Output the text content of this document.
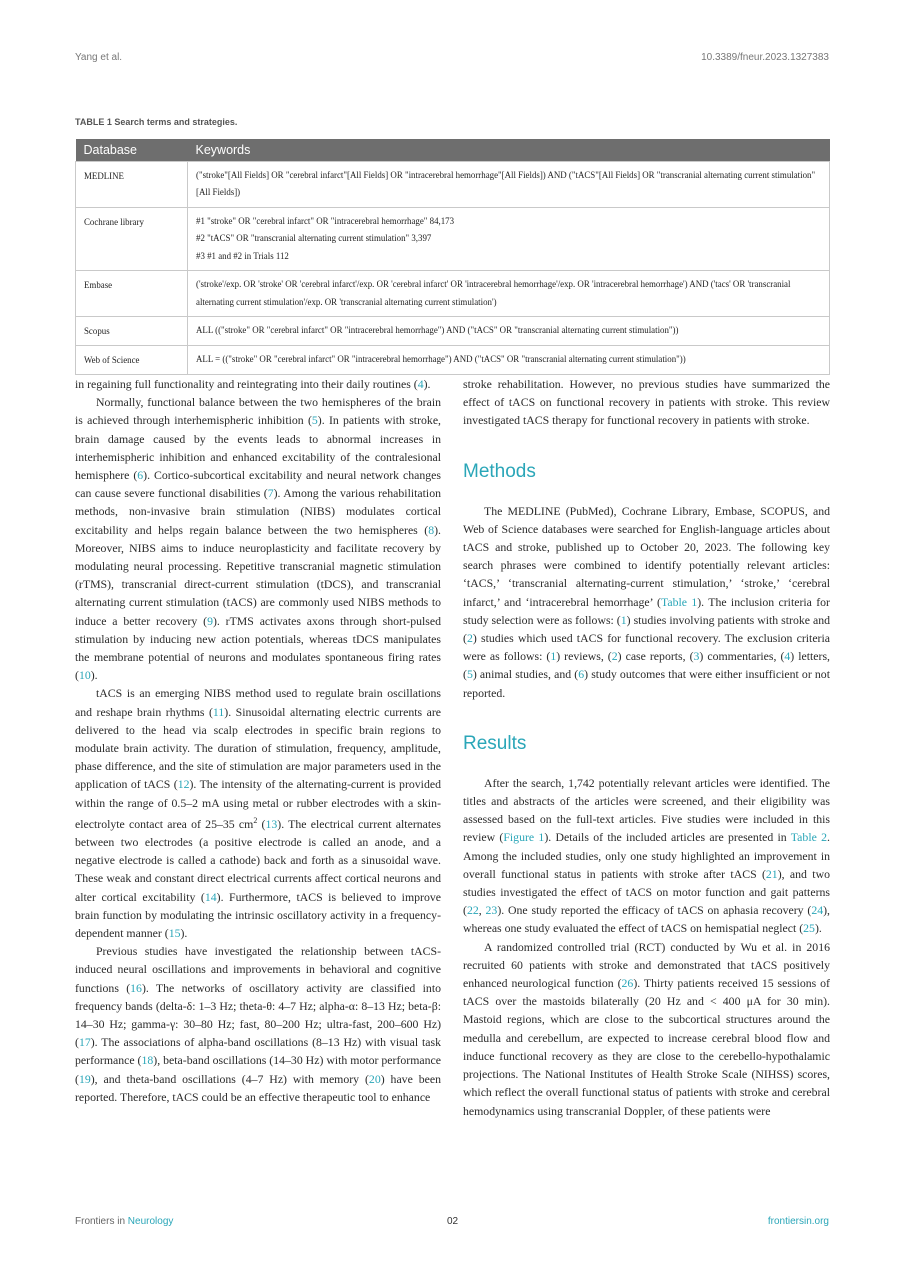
Yang et al.	10.3389/fneur.2023.1327383
TABLE 1 Search terms and strategies.
Database	Keywords
MEDLINE	("stroke"[All Fields] OR "cerebral infarct"[All Fields] OR "intracerebral hemorrhage"[All Fields]) AND ("tACS"[All Fields] OR "transcranial alternating current stimulation"[All Fields])

Cochrane library	#1 "stroke" OR "cerebral infarct" OR "intracerebral hemorrhage" 84,173

#2 "tACS" OR "transcranial alternating current stimulation" 3,397

#3 #1 and #2 in Trials 112

Embase	('stroke'/exp. OR 'stroke' OR 'cerebral infarct'/exp. OR 'cerebral infarct' OR 'intracerebral hemorrhage'/exp. OR 'intracerebral hemorrhage') AND ('tacs' OR 'transcranial alternating current stimulation'/exp. OR 'transcranial alternating current stimulation')

Scopus	ALL (("stroke" OR "cerebral infarct" OR "intracerebral hemorrhage") AND ("tACS" OR "transcranial alternating current stimulation"))

Web of Science	ALL = (("stroke" OR "cerebral infarct" OR "intracerebral hemorrhage") AND ("tACS" OR "transcranial alternating current stimulation"))

in regaining full functionality and reintegrating into their daily routines (4).

Normally, functional balance between the two hemispheres of the brain is achieved through interhemispheric inhibition (5). In patients with stroke, brain damage caused by the events leads to abnormal increases in interhemispheric inhibition and enhanced excitability of the contralesional hemisphere (6). Cortico-subcortical excitability and neural network changes can cause severe functional disabilities (7). Among the various rehabilitation methods, non-invasive brain stimulation (NIBS) modulates cortical excitability and helps regain balance between the two hemispheres (8). Moreover, NIBS aims to induce neuroplasticity and facilitate recovery by modulating neural processing. Repetitive transcranial magnetic stimulation (rTMS), transcranial direct-current stimulation (tDCS), and transcranial alternating current stimulation (tACS) are commonly used NIBS methods to induce a better recovery (9). rTMS activates axons through short-pulsed stimulation by inducing new action potentials, whereas tDCS manipulates the membrane potential of neurons and modulates spontaneous firing rates (10).

tACS is an emerging NIBS method used to regulate brain oscillations and reshape brain rhythms (11). Sinusoidal alternating electric currents are delivered to the head via scalp electrodes in specific brain regions to modulate brain activity. The duration of stimulation, frequency, amplitude, phase difference, and the site of stimulation are major parameters used in the application of tACS (12). The intensity of the alternating-current is provided within the range of 0.5–2 mA using metal or rubber electrodes with a skin-electrolyte contact area of 25–35 $cm^2$ (13). The electrical current alternates between two electrodes (a positive electrode is called an anode, and a negative electrode is called a cathode) back and forth as a sinusoidal wave. These weak and constant direct electrical currents affect cortical neurons and alter cortical excitability (14). Furthermore, tACS is believed to improve brain function by modulating the intrinsic oscillatory activity in a frequency-dependent manner (15).

Previous studies have investigated the relationship between tACS-induced neural oscillations and improvements in behavioral and cognitive functions (16). The networks of oscillatory activity are classified into frequency bands (delta-δ: 1–3 Hz; theta-θ: 4–7 Hz; alpha-α: 8–13 Hz; beta-β: 14–30 Hz; gamma-γ: 30–80 Hz; fast, 80–200 Hz; ultra-fast, 200–600 Hz) (17). The associations of alpha-band oscillations (8–13 Hz) with visual task performance (18), beta-band oscillations (14–30 Hz) with motor performance (19), and theta-band oscillations (4–7 Hz) with memory (20) have been reported. Therefore, tACS could be an effective therapeutic tool to enhance

stroke rehabilitation. However, no previous studies have summarized the effect of tACS on functional recovery in patients with stroke. This review investigated tACS therapy for functional recovery in patients with stroke.

Methods

The MEDLINE (PubMed), Cochrane Library, Embase, SCOPUS, and Web of Science databases were searched for English-language articles about tACS and stroke, published up to October 20, 2023. The following key search phrases were combined to identify potentially relevant articles: ‘tACS,’ ‘transcranial alternating-current stimulation,’ ‘stroke,’ ‘cerebral infarct,’ and ‘intracerebral hemorrhage’ (Table 1). The inclusion criteria for study selection were as follows: (1) studies involving patients with stroke and (2) studies which used tACS for functional recovery. The exclusion criteria were as follows: (1) reviews, (2) case reports, (3) commentaries, (4) letters, (5) animal studies, and (6) study outcomes that were either insufficient or not reported.

Results

After the search, 1,742 potentially relevant articles were identified. The titles and abstracts of the articles were screened, and their eligibility was assessed based on the full-text articles. Five studies were included in this review (Figure 1). Details of the included articles are presented in Table 2. Among the included studies, only one study highlighted an improvement in overall functional status in patients with stroke after tACS (21), and two studies investigated the effect of tACS on motor function and gait patterns (22, 23). One study reported the efficacy of tACS on aphasia recovery (24), whereas one study evaluated the effect of tACS on hemispatial neglect (25).

A randomized controlled trial (RCT) conducted by Wu et al. in 2016 recruited 60 patients with stroke and demonstrated that tACS positively enhanced neurological function (26). Thirty patients received 15 sessions of tACS over the mastoids bilaterally (20 Hz and < 400 μA for 30 min). Mastoid regions, which are close to the subcortical structures around the medulla and cerebellum, are expected to increase cerebral blood flow and induce functional recovery as they are close to the cerebello-hypothalamic projections. The National Institutes of Health Stroke Scale (NIHSS) scores, which reflect the overall functional status of patients with stroke and cerebral hemodynamics using transcranial Doppler, of these patients were

Frontiers in Neurology	02	frontiersin.org
